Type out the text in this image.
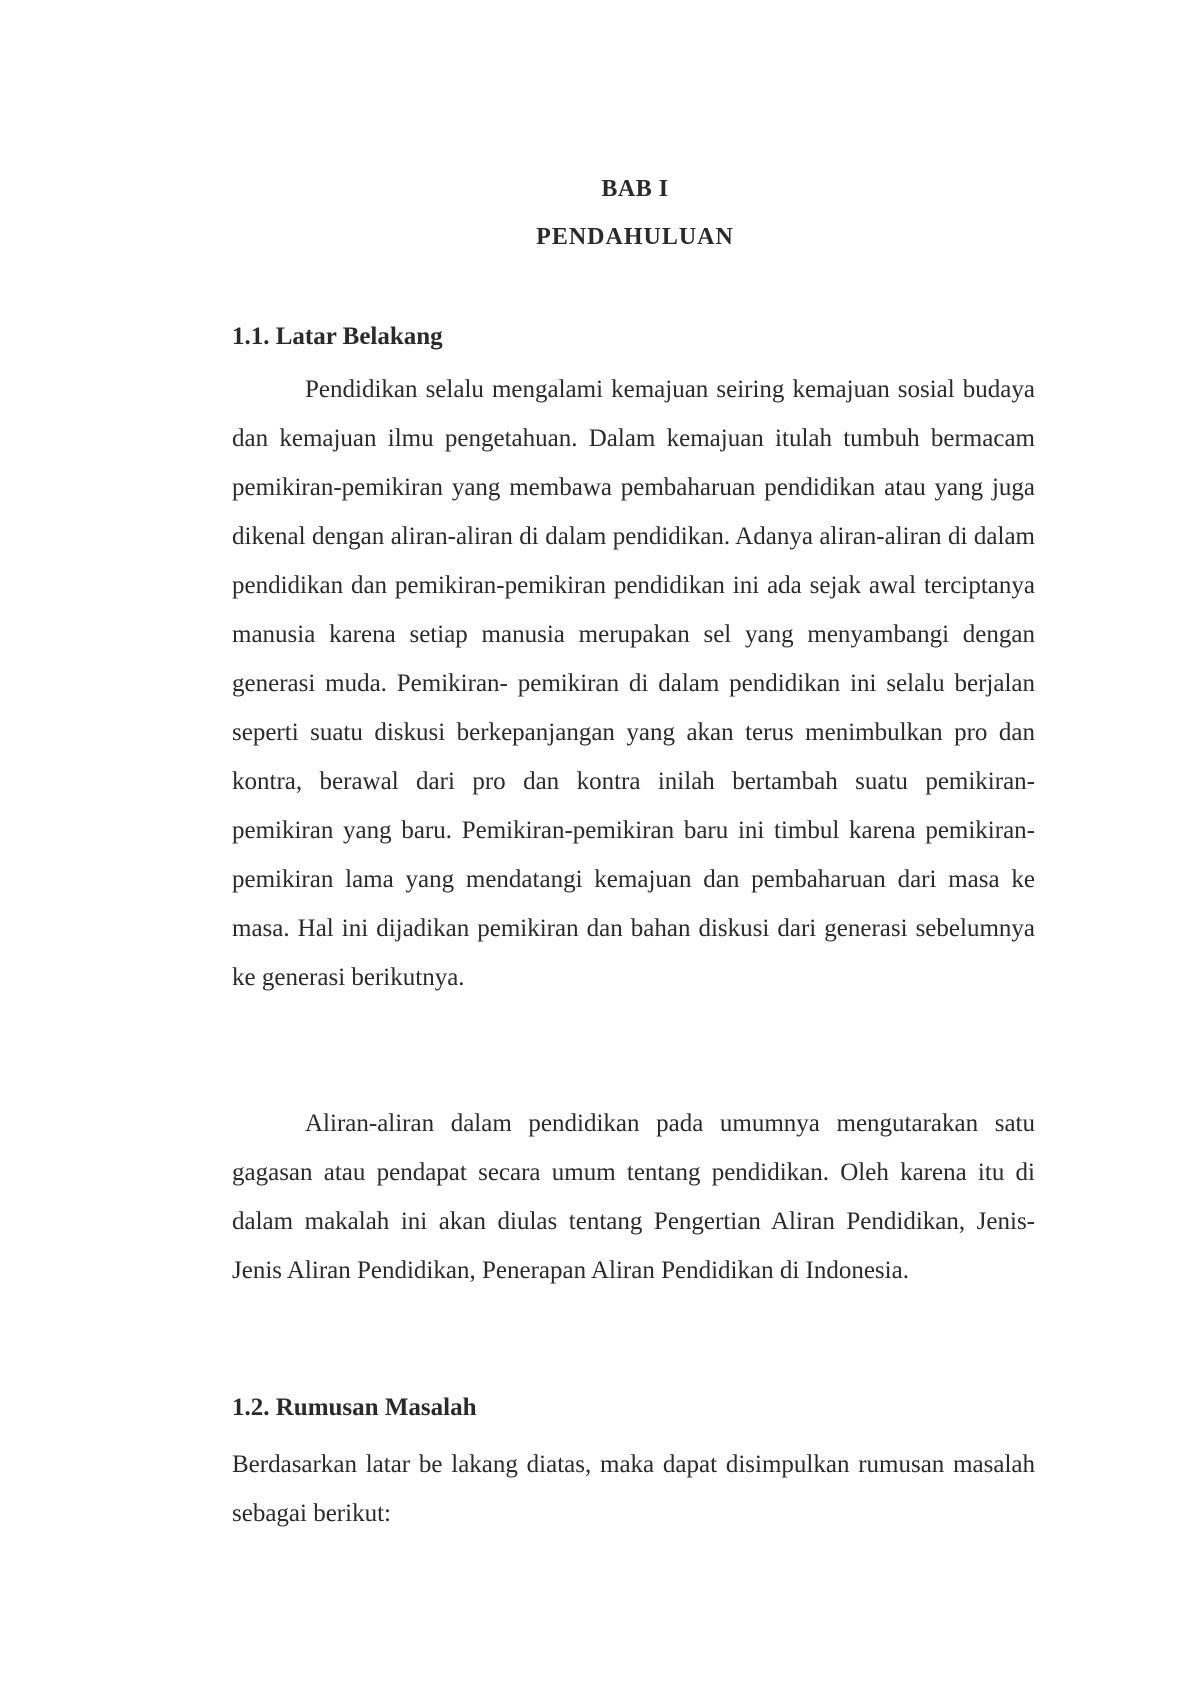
BAB I
PENDAHULUAN
1.1. Latar Belakang

Pendidikan selalu mengalami kemajuan seiring kemajuan sosial budaya dan kemajuan ilmu pengetahuan. Dalam kemajuan itulah tumbuh bermacam pemikiran-pemikiran yang membawa pembaharuan pendidikan atau yang juga dikenal dengan aliran-aliran di dalam pendidikan. Adanya aliran-aliran di dalam pendidikan dan pemikiran-pemikiran pendidikan ini ada sejak awal terciptanya manusia karena setiap manusia merupakan sel yang menyambangi dengan generasi muda. Pemikiran- pemikiran di dalam pendidikan ini selalu berjalan seperti suatu diskusi berkepanjangan yang akan terus menimbulkan pro dan kontra, berawal dari pro dan kontra inilah bertambah suatu pemikiran-pemikiran yang baru. Pemikiran-pemikiran baru ini timbul karena pemikiran-pemikiran lama yang mendatangi kemajuan dan pembaharuan dari masa ke masa. Hal ini dijadikan pemikiran dan bahan diskusi dari generasi sebelumnya ke generasi berikutnya.

Aliran-aliran dalam pendidikan pada umumnya mengutarakan satu gagasan atau pendapat secara umum tentang pendidikan. Oleh karena itu di dalam makalah ini akan diulas tentang Pengertian Aliran Pendidikan, Jenis-Jenis Aliran Pendidikan, Penerapan Aliran Pendidikan di Indonesia.

1.2. Rumusan Masalah

Berdasarkan latar be lakang diatas, maka dapat disimpulkan rumusan masalah sebagai berikut:
